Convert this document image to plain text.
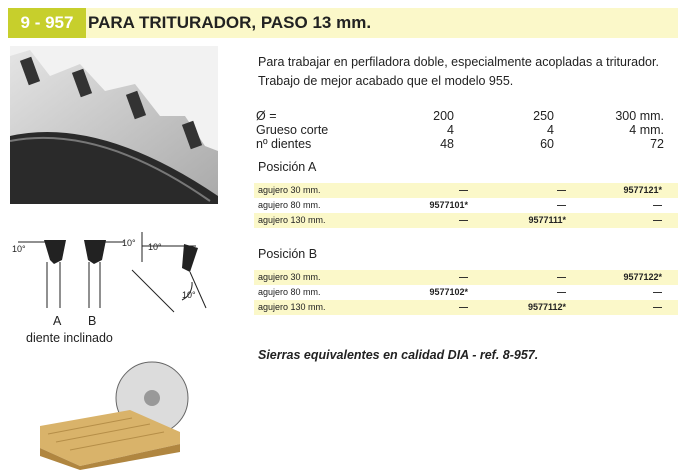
9 - 957 PARA TRITURADOR, PASO 13 mm.
10°
10° 10°
10°
A B
diente inclinado
Para trabajar en perfiladora doble, especialmente acopladas a triturador.
Trabajo de mejor acabado que el modelo 955.
Ø =	200	250	300 mm.
Grueso corte	4	4	4 mm.
nº dientes	48	60	72
Posición A
agujero 30 mm.	—	—	9577121*
agujero 80 mm.	9577101*	—	—
agujero 130 mm.	—	9577111*	—
Posición B
agujero 30 mm.	—	—	9577122*
agujero 80 mm.	9577102*	—	—
agujero 130 mm.	—	9577112*	—
Sierras equivalentes en calidad DIA - ref. 8-957.
